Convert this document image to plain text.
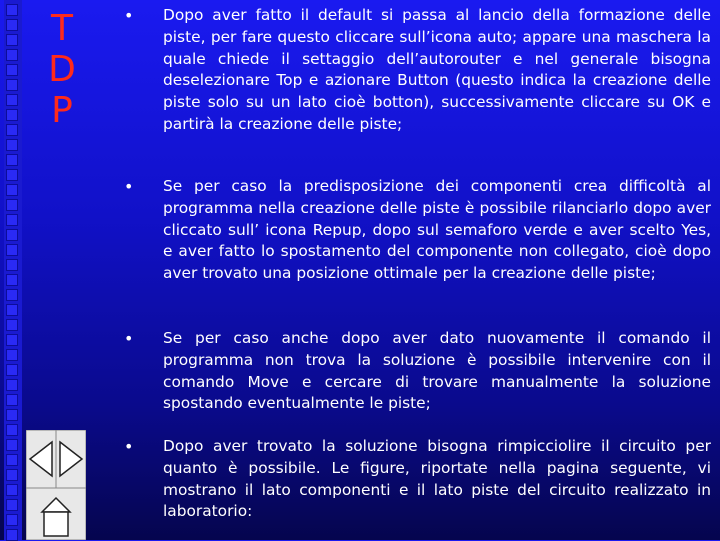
T
D
P
• Dopo aver fatto il default si passa al lancio della formazione delle piste, per fare questo cliccare sull’icona auto; appare una maschera la quale chiede il settaggio dell’autorouter e nel generale bisogna deselezionare Top e azionare Button (questo indica la creazione delle piste solo su un lato cioè botton), successivamente cliccare su OK e partirà la creazione delle piste;
• Se per caso la predisposizione dei componenti crea difficoltà al programma nella creazione delle piste è possibile rilanciarlo dopo aver cliccato sull’ icona Repup, dopo sul semaforo verde e aver scelto Yes, e aver fatto lo spostamento del componente non collegato, cioè dopo aver trovato una posizione ottimale per la creazione delle piste;
• Se per caso anche dopo aver dato nuovamente il comando il programma non trova la soluzione è possibile intervenire con il comando Move e cercare di trovare manualmente la soluzione spostando eventualmente le piste;
• Dopo aver trovato la soluzione bisogna rimpicciolire il circuito per quanto è possibile. Le figure, riportate nella pagina seguente, vi mostrano il lato componenti e il lato piste del circuito realizzato in laboratorio:
